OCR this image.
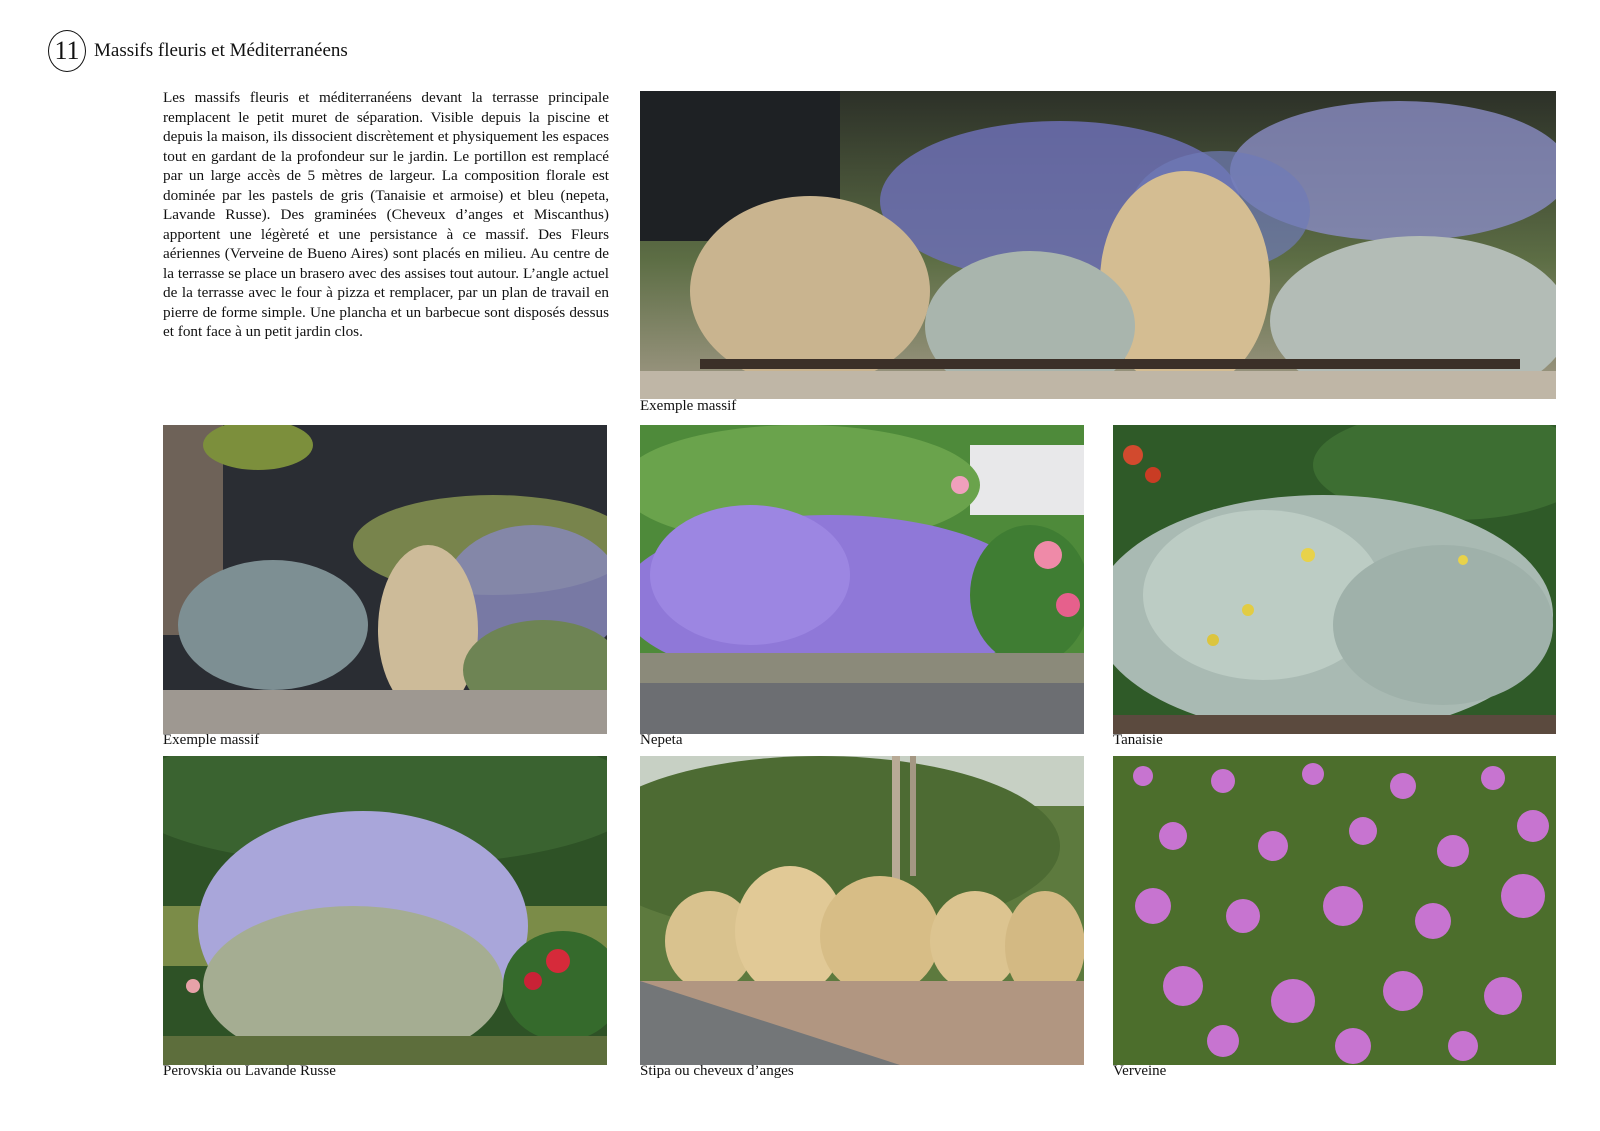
11 Massifs fleuris et Méditerranéens

Les massifs fleuris et méditerranéens devant la terrasse principale remplacent le petit muret de séparation. Visible depuis la piscine et depuis la maison, ils dissocient discrètement et physiquement les espaces tout en gardant de la profondeur sur le jardin. Le portillon est remplacé par un large accès de 5 mètres de largeur. La composition florale est dominée par les pastels de gris (Tanaisie et armoise) et bleu (nepeta, Lavande Russe). Des graminées (Cheveux d’anges et Miscanthus) apportent une légèreté et une persistance à ce massif. Des Fleurs aériennes (Verveine de Bueno Aires) sont placés en milieu. Au centre de la terrasse se place un brasero avec des assises tout autour. L’angle actuel de la terrasse avec le four à pizza et remplacer, par un plan de travail en pierre de forme simple. Une plancha et un barbecue sont disposés dessus et font face à un petit jardin clos.

Exemple massif
Exemple massif	Nepeta	Tanaisie
Perovskia ou Lavande Russe	Stipa ou cheveux d’anges	Verveine
